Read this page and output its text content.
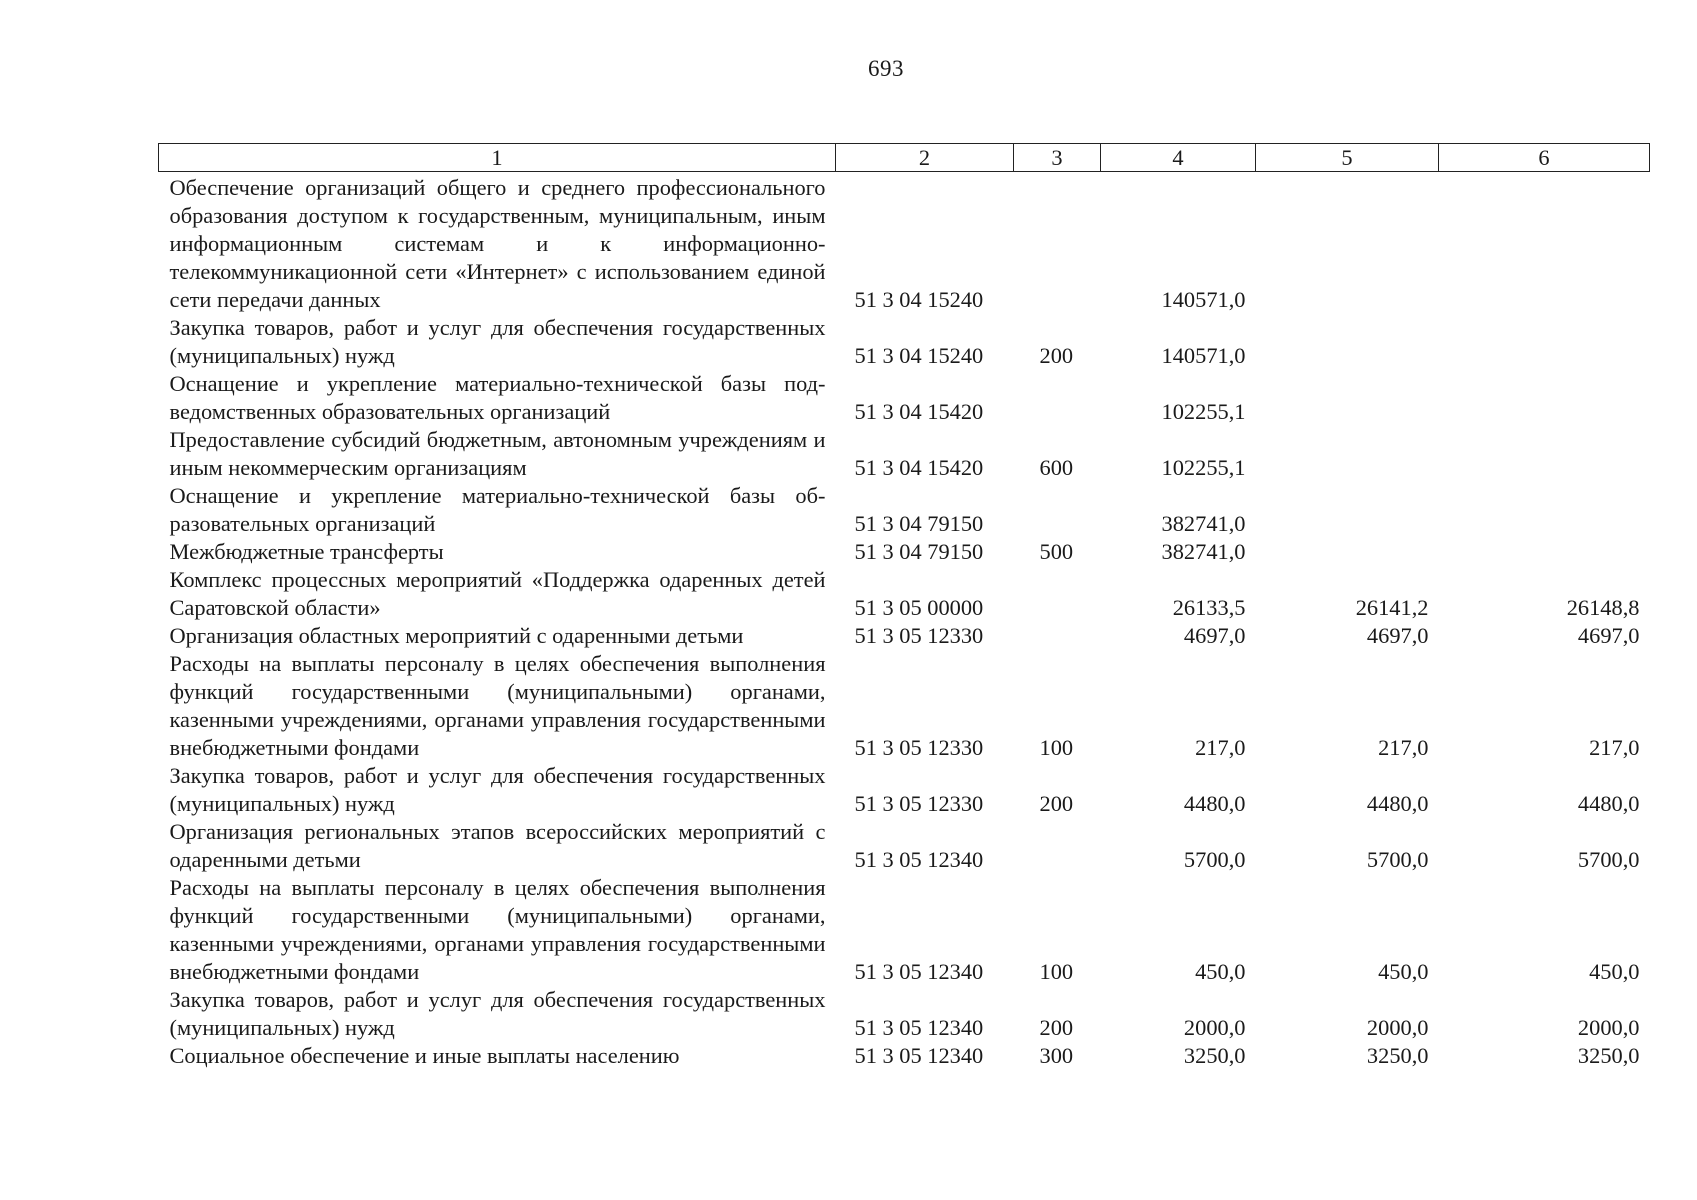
693
1	2	3	4	5	6
Обеспечение организаций общего и среднего профессионального образования доступом к государственным, муниципальным, иным информационным системам и к информационно-телекоммуникационной сети «Интернет» с использованием единой сети передачи данных	51 3 04 15240		140571,0		
Закупка товаров, работ и услуг для обеспечения государственных (муниципальных) нужд	51 3 04 15240	200	140571,0		
Оснащение и укрепление материально-технической базы подведомственных образовательных организаций	51 3 04 15420		102255,1		
Предоставление субсидий бюджетным, автономным учреждениям и иным некоммерческим организациям	51 3 04 15420	600	102255,1		
Оснащение и укрепление материально-технической базы образовательных организаций	51 3 04 79150		382741,0		
Межбюджетные трансферты	51 3 04 79150	500	382741,0		
Комплекс процессных мероприятий «Поддержка одаренных детей Саратовской области»	51 3 05 00000		26133,5	26141,2	26148,8
Организация областных мероприятий с одаренными детьми	51 3 05 12330		4697,0	4697,0	4697,0
Расходы на выплаты персоналу в целях обеспечения выполнения функций государственными (муниципальными) органами, казенными учреждениями, органами управления государственными внебюджетными фондами	51 3 05 12330	100	217,0	217,0	217,0
Закупка товаров, работ и услуг для обеспечения государственных (муниципальных) нужд	51 3 05 12330	200	4480,0	4480,0	4480,0
Организация региональных этапов всероссийских мероприятий с одаренными детьми	51 3 05 12340		5700,0	5700,0	5700,0
Расходы на выплаты персоналу в целях обеспечения выполнения функций государственными (муниципальными) органами, казенными учреждениями, органами управления государственными внебюджетными фондами	51 3 05 12340	100	450,0	450,0	450,0
Закупка товаров, работ и услуг для обеспечения государственных (муниципальных) нужд	51 3 05 12340	200	2000,0	2000,0	2000,0
Социальное обеспечение и иные выплаты населению	51 3 05 12340	300	3250,0	3250,0	3250,0
